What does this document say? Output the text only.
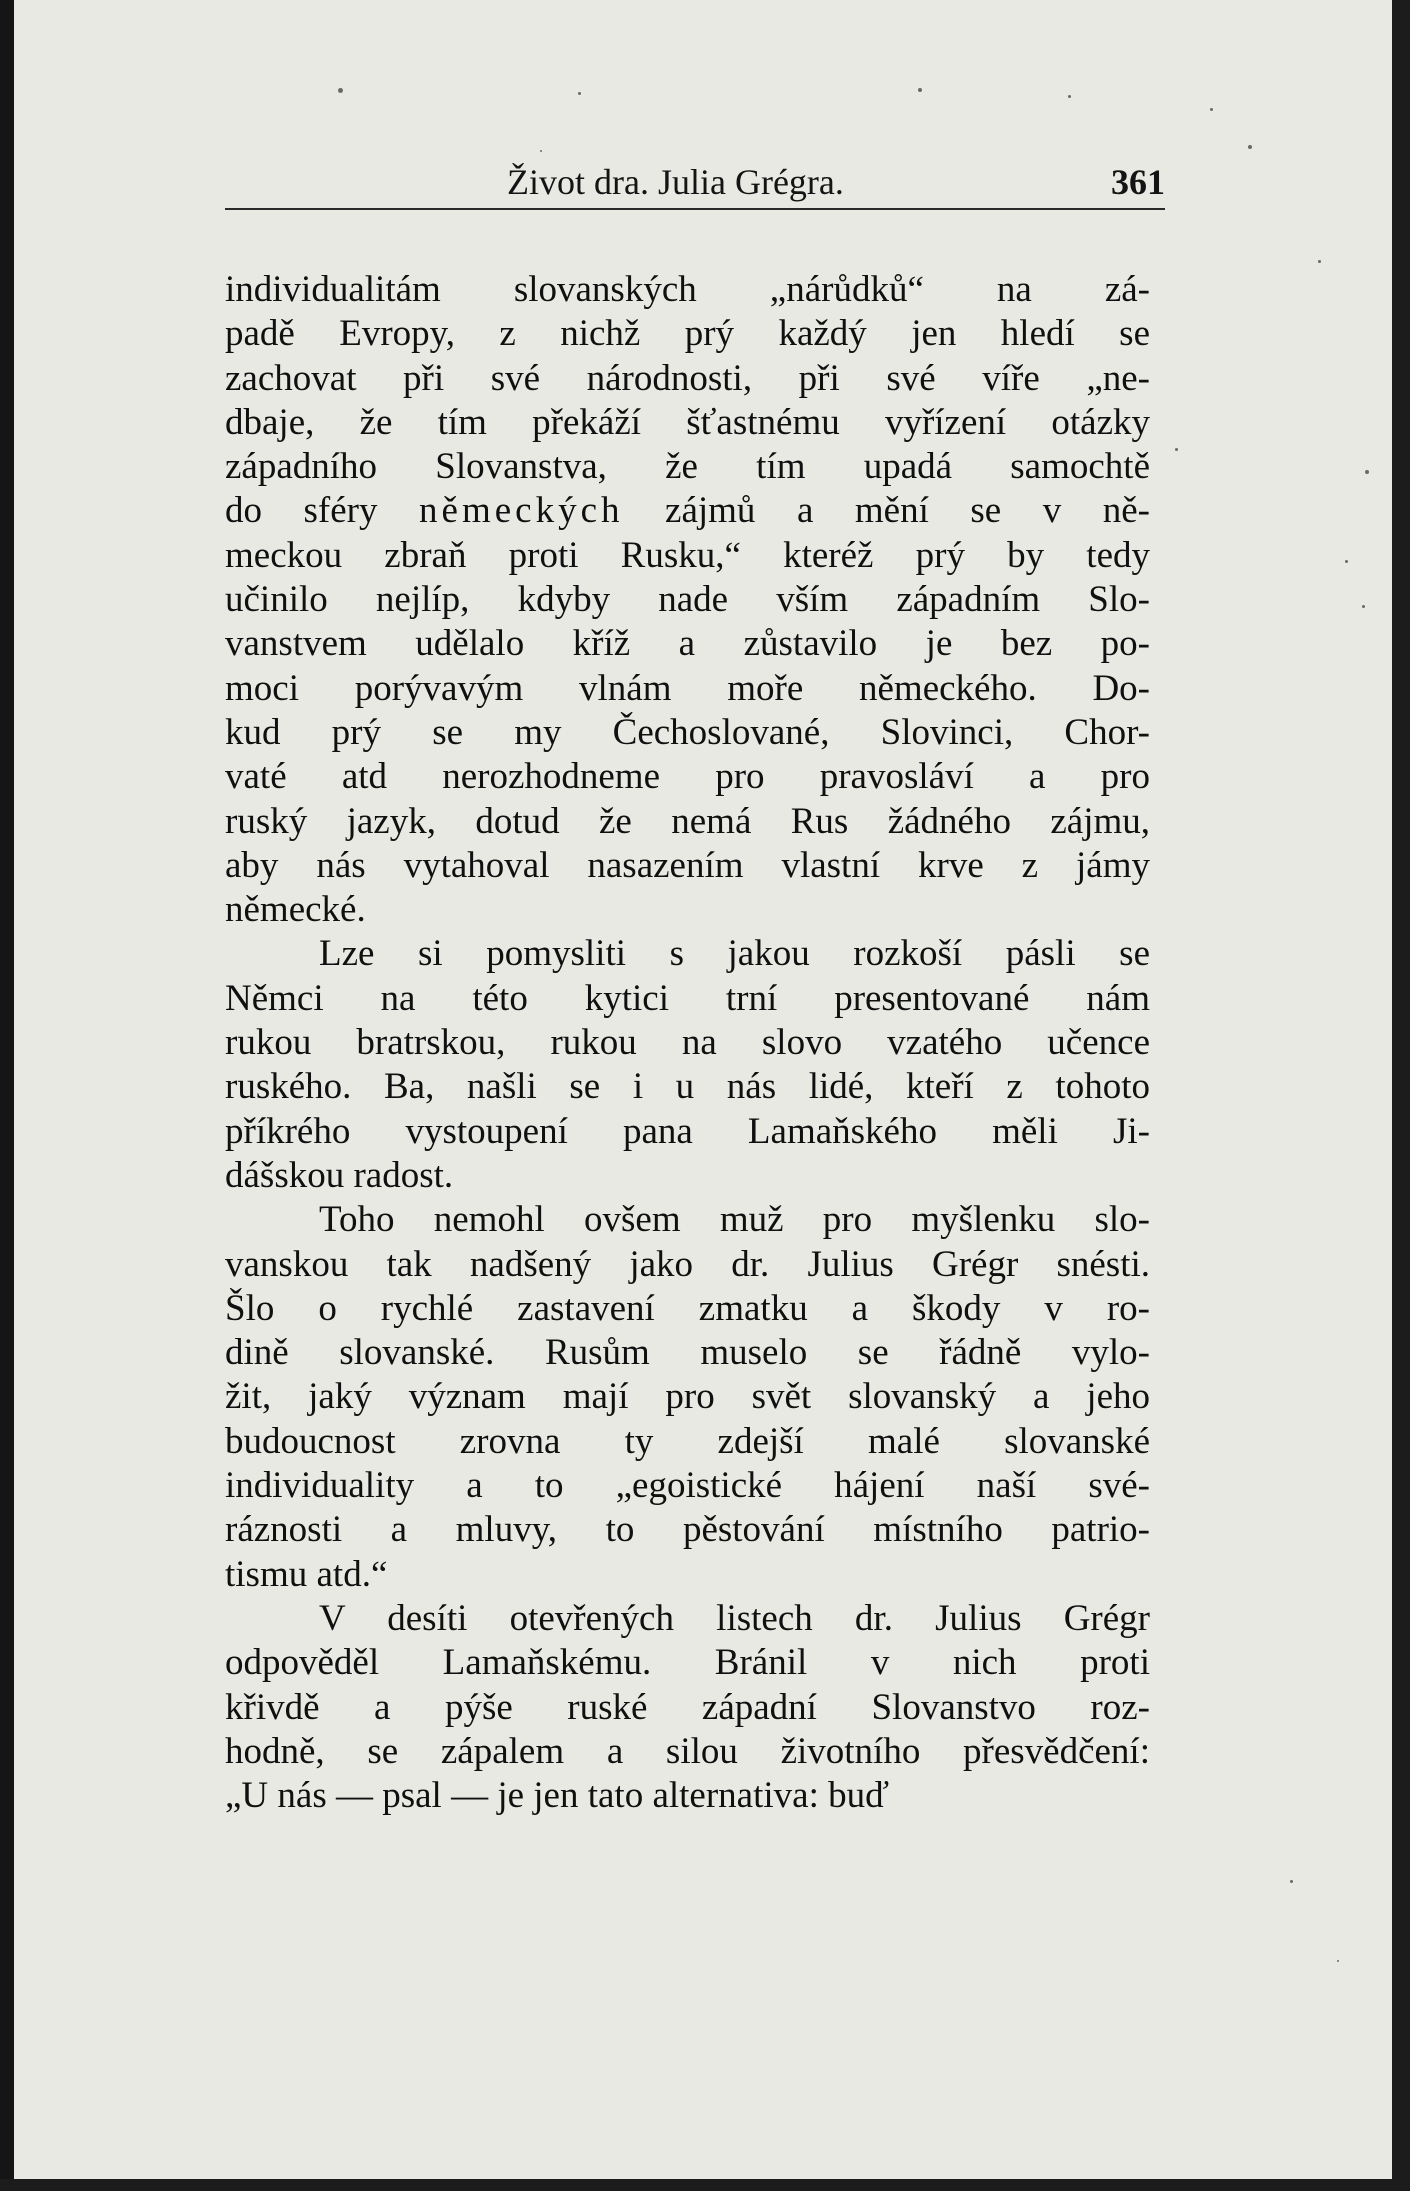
Život dra. Julia Grégra.	361
individualitám slovanských „nárůdků“ na zá-
padě Evropy, z nichž prý každý jen hledí se
zachovat při své národnosti, při své víře „ne-
dbaje, že tím překáží šťastnému vyřízení otázky
západního Slovanstva, že tím upadá samochtě
do sféry německých zájmů a mění se v ně-
meckou zbraň proti Rusku,“ kteréž prý by tedy
učinilo nejlíp, kdyby nade vším západním Slo-
vanstvem udělalo kříž a zůstavilo je bez po-
moci porývavým vlnám moře německého. Do-
kud prý se my Čechoslované, Slovinci, Chor-
vaté atd nerozhodneme pro pravosláví a pro
ruský jazyk, dotud že nemá Rus žádného zájmu,
aby nás vytahoval nasazením vlastní krve z jámy
německé.
Lze si pomysliti s jakou rozkoší pásli se
Němci na této kytici trní presentované nám
rukou bratrskou, rukou na slovo vzatého učence
ruského. Ba, našli se i u nás lidé, kteří z tohoto
příkrého vystoupení pana Lamaňského měli Ji-
dášskou radost.
Toho nemohl ovšem muž pro myšlenku slo-
vanskou tak nadšený jako dr. Julius Grégr snésti.
Šlo o rychlé zastavení zmatku a škody v ro-
dině slovanské. Rusům muselo se řádně vylo-
žit, jaký význam mají pro svět slovanský a jeho
budoucnost zrovna ty zdejší malé slovanské
individuality a to „egoistické hájení naší své-
ráznosti a mluvy, to pěstování místního patrio-
tismu atd.“
V desíti otevřených listech dr. Julius Grégr
odpověděl Lamaňskému. Bránil v nich proti
křivdě a pýše ruské západní Slovanstvo roz-
hodně, se zápalem a silou životního přesvědčení:
„U nás — psal — je jen tato alternativa: buď
